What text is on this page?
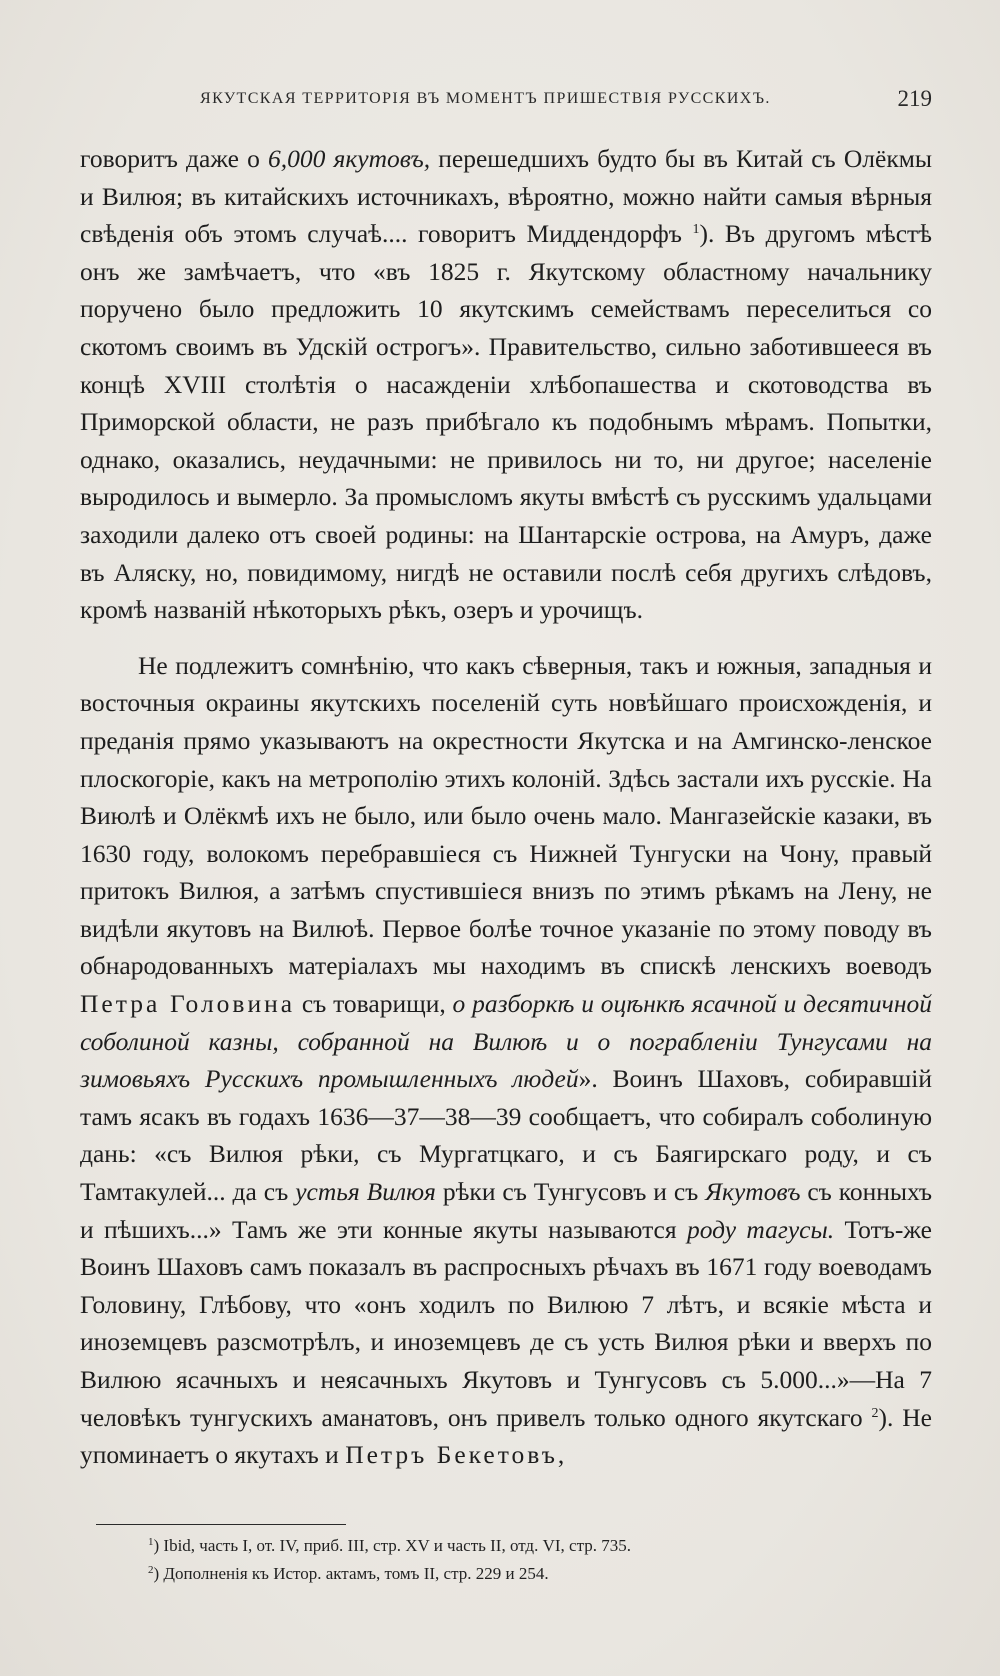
ЯКУТСКАЯ ТЕРРИТОРІЯ ВЪ МОМЕНТЪ ПРИШЕСТВІЯ РУССКИХЪ.	219

говоритъ даже о 6,000 якутовъ, перешедшихъ будто бы въ Китай съ Олёкмы и Вилюя; въ китайскихъ источникахъ, вѣроятно, можно найти самыя вѣрныя свѣденія объ этомъ случаѣ.... говоритъ Миддендорфъ $^1$). Въ другомъ мѣстѣ онъ же замѣчаетъ, что «въ 1825 г. Якутскому областному начальнику поручено было предложить 10 якутскимъ семействамъ переселиться со скотомъ своимъ въ Удскій острогъ». Правительство, сильно заботившееся въ концѣ XVIII столѣтія о насажденіи хлѣбопашества и скотоводства въ Приморской области, не разъ прибѣгало къ подобнымъ мѣрамъ. Попытки, однако, оказались, неудачными: не привилось ни то, ни другое; населеніе выродилось и вымерло. За промысломъ якуты вмѣстѣ съ русскимъ удальцами заходили далеко отъ своей родины: на Шантарскіе острова, на Амуръ, даже въ Аляску, но, повидимому, нигдѣ не оставили послѣ себя другихъ слѣдовъ, кромѣ названій нѣкоторыхъ рѣкъ, озеръ и урочищъ.

Не подлежитъ сомнѣнію, что какъ сѣверныя, такъ и южныя, западныя и восточныя окраины якутскихъ поселеній суть новѣйшаго происхожденія, и преданія прямо указываютъ на окрестности Якутска и на Амгинско-ленское плоскогоріе, какъ на метрополію этихъ колоній. Здѣсь застали ихъ русскіе. На Виюлѣ и Олёкмѣ ихъ не было, или было очень мало. Мангазейскіе казаки, въ 1630 году, волокомъ перебравшіеся съ Нижней Тунгуски на Чону, правый притокъ Вилюя, а затѣмъ спустившіеся внизъ по этимъ рѣкамъ на Лену, не видѣли якутовъ на Вилюѣ. Первое болѣе точное указаніе по этому поводу въ обнародованныхъ матеріалахъ мы находимъ въ спискѣ ленскихъ воеводъ Петра Головина съ товарищи, о разборкѣ и оцѣнкѣ ясачной и десятичной соболиной казны, собранной на Вилюѣ и о пограбленіи Тунгусами на зимовьяхъ Русскихъ промышленныхъ людей». Воинъ Шаховъ, собиравшій тамъ ясакъ въ годахъ 1636—37—38—39 сообщаетъ, что собиралъ соболиную дань: «съ Вилюя рѣки, съ Мургатцкаго, и съ Баягирскаго роду, и съ Тамтакулей... да съ устья Вилюя рѣки съ Тунгусовъ и съ Якутовъ съ конныхъ и пѣшихъ...» Тамъ же эти конные якуты называются роду тагусы. Тотъ-же Воинъ Шаховъ самъ показалъ въ распросныхъ рѣчахъ въ 1671 году воеводамъ Головину, Глѣбову, что «онъ ходилъ по Вилюю 7 лѣтъ, и всякіе мѣста и иноземцевъ разсмотрѣлъ, и иноземцевъ де съ усть Вилюя рѣки и вверхъ по Вилюю ясачныхъ и неясачныхъ Якутовъ и Тунгусовъ съ 5.000...»—На 7 человѣкъ тунгускихъ аманатовъ, онъ привелъ только одного якутскаго $^2$). Не упоминаетъ о якутахъ и Петръ Бекетовъ,

$^1$) Ibid, часть I, от. IV, приб. III, стр. XV и часть II, отд. VI, стр. 735.
$^2$) Дополненія къ Истор. актамъ, томъ II, стр. 229 и 254.
